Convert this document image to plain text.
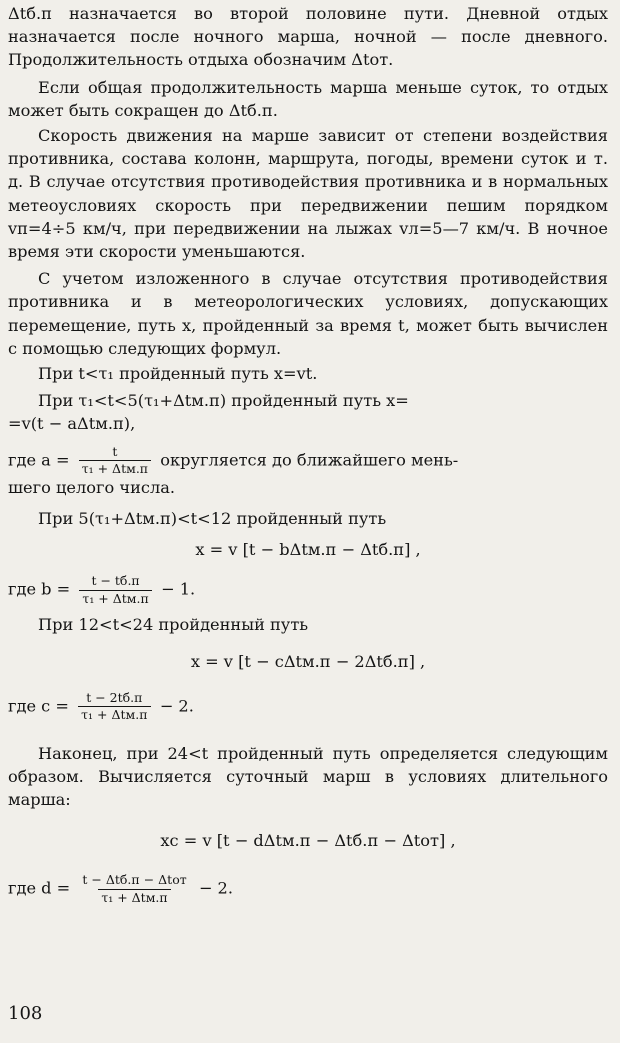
Δtб.п назначается во второй половине пути. Дневной отдых назначается после ночного марша, ночной — после дневного. Продолжительность отдыха обозначим Δtот.

Если общая продолжительность марша меньше суток, то отдых может быть сокращен до Δtб.п.

Скорость движения на марше зависит от степени воздействия противника, состава колонн, маршрута, погоды, времени суток и т. д. В случае отсутствия противодействия противника и в нормальных метеоусловиях скорость при передвижении пешим порядком vп=4÷5 км/ч, при передвижении на лыжах vл=5—7 км/ч. В ночное время эти скорости уменьшаются.

С учетом изложенного в случае отсутствия противодействия противника и в метеорологических условиях, допускающих перемещение, путь x, пройденный за время t, может быть вычислен с помощью следующих формул.

При t<τ₁ пройденный путь x=vt.
При τ₁<t<5(τ₁+Δtм.п) пройденный путь x=
=v(t − aΔtм.п),
где $a = \frac{t}{\text{τ₁ + Δtм.п}}$ округляется до ближайшего мень-
шего целого числа.
При 5(τ₁+Δtм.п)<t<12 пройденный путь
x = v [t − bΔtм.п − Δtб.п] ,
где $b = \frac{t - tб.п}{\text{τ₁ + Δtм.п}} - 1$.
При 12<t<24 пройденный путь
x = v [t − cΔtм.п − 2Δtб.п] ,
где $c = \frac{t - 2tб.п}{\text{τ₁ + Δtм.п}} - 2$.

Наконец, при 24<t пройденный путь определяется следующим образом. Вычисляется суточный марш в условиях длительного марша:

xc = v [t − dΔtм.п − Δtб.п − Δtот] ,
где $d = \frac{\text{t − Δtб.п − Δtот}}{\text{τ₁ + Δtм.п}} - 2$.
108
